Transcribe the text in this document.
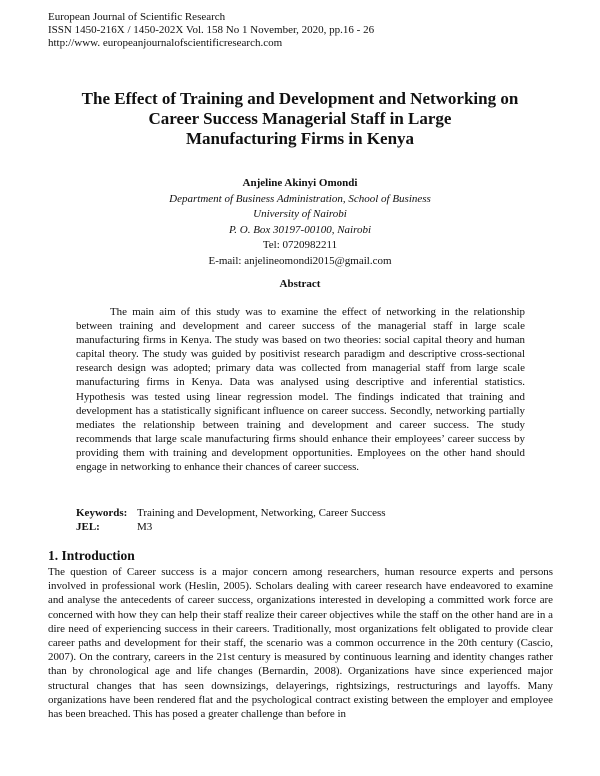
European Journal of Scientific Research
ISSN 1450-216X / 1450-202X Vol. 158 No 1 November, 2020, pp.16 - 26
http://www. europeanjournalofscientificresearch.com
The Effect of Training and Development and Networking on
Career Success Managerial Staff in Large
Manufacturing Firms in Kenya
Anjeline Akinyi Omondi
Department of Business Administration, School of Business
University of Nairobi
P. O. Box 30197-00100, Nairobi
Tel: 0720982211
E-mail: anjelineomondi2015@gmail.com
Abstract

The main aim of this study was to examine the effect of networking in the relationship between training and development and career success of the managerial staff in large scale manufacturing firms in Kenya. The study was based on two theories: social capital theory and human capital theory. The study was guided by positivist research paradigm and descriptive cross-sectional research design was adopted; primary data was collected from managerial staff from large scale manufacturing firms in Kenya. Data was analysed using descriptive and inferential statistics. Hypothesis was tested using linear regression model. The findings indicated that training and development has a statistically significant influence on career success. Secondly, networking partially mediates the relationship between training and development and career success. The study recommends that large scale manufacturing firms should enhance their employees’ career success by providing them with training and development opportunities. Employees on the other hand should engage in networking to enhance their chances of career success.

Keywords: Training and Development, Networking, Career Success
JEL:	M3
1. Introduction

The question of Career success is a major concern among researchers, human resource experts and persons involved in professional work (Heslin, 2005). Scholars dealing with career research have endeavored to examine and analyse the antecedents of career success, organizations interested in developing a committed work force are concerned with how they can help their staff realize their career objectives while the staff on the other hand are in a dire need of experiencing success in their careers. Traditionally, most organizations felt obligated to provide clear career paths and development for their staff, the scenario was a common occurrence in the 20th century (Cascio, 2007). On the contrary, careers in the 21st century is measured by continuous learning and identity changes rather than by chronological age and life changes (Bernardin, 2008). Organizations have since experienced major structural changes that has seen downsizings, delayerings, rightsizings, restructurings and layoffs. Many organizations have been rendered flat and the psychological contract existing between the employer and employee has been breached. This has posed a greater challenge than before in
